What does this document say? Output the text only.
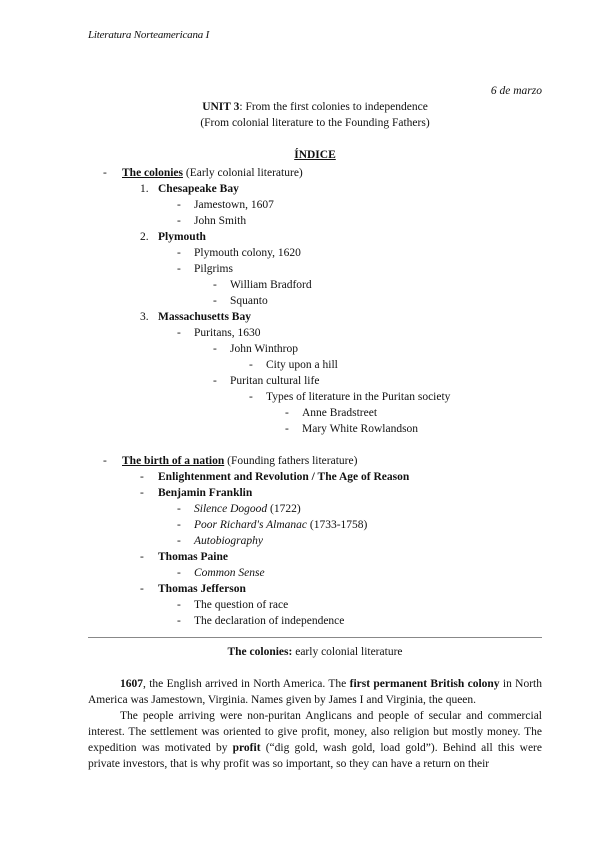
Literatura Norteamericana I
6 de marzo
UNIT 3: From the first colonies to independence
(From colonial literature to the Founding Fathers)
ÍNDICE
- The colonies (Early colonial literature)
1. Chesapeake Bay
- Jamestown, 1607
- John Smith
2. Plymouth
- Plymouth colony, 1620
- Pilgrims
- William Bradford
- Squanto
3. Massachusetts Bay
- Puritans, 1630
- John Winthrop
- City upon a hill
- Puritan cultural life
- Types of literature in the Puritan society
- Anne Bradstreet
- Mary White Rowlandson
- The birth of a nation (Founding fathers literature)
- Enlightenment and Revolution / The Age of Reason
- Benjamin Franklin
- Silence Dogood (1722)
- Poor Richard's Almanac (1733-1758)
- Autobiography
- Thomas Paine
- Common Sense
- Thomas Jefferson
- The question of race
- The declaration of independence
The colonies: early colonial literature
1607, the English arrived in North America. The first permanent British colony in North America was Jamestown, Virginia. Names given by James I and Virginia, the queen.
The people arriving were non-puritan Anglicans and people of secular and commercial interest. The settlement was oriented to give profit, money, also religion but mostly money. The expedition was motivated by profit (“dig gold, wash gold, load gold”). Behind all this were private investors, that is why profit was so important, so they can have a return on their
